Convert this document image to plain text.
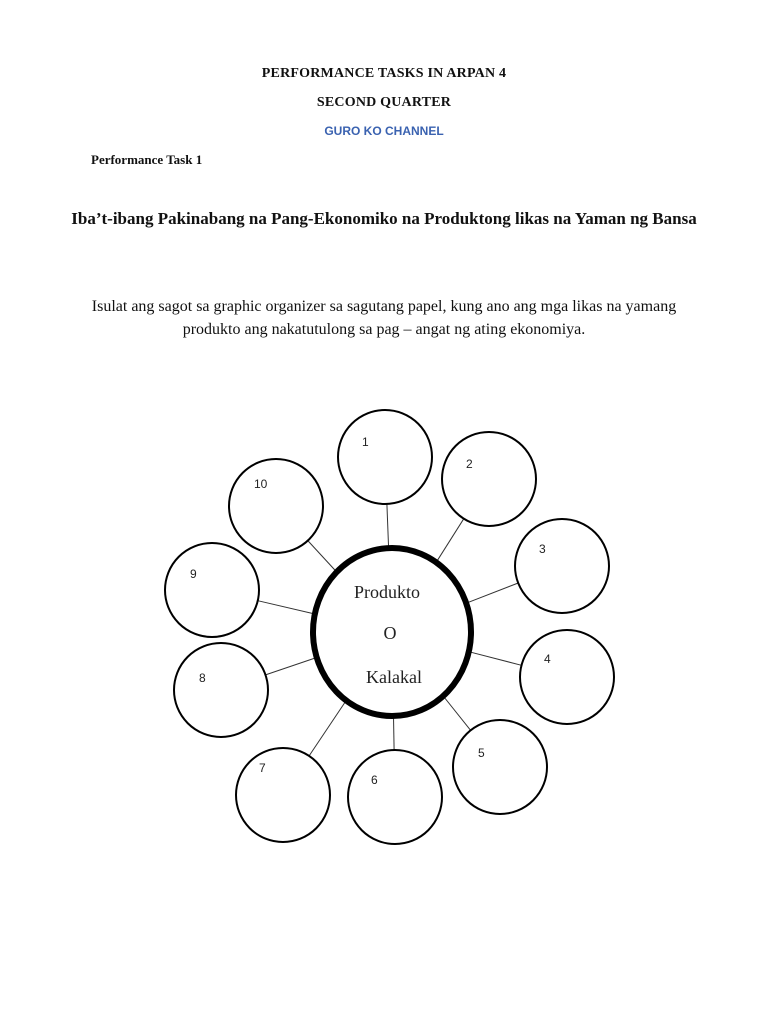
PERFORMANCE TASKS IN ARPAN 4
SECOND QUARTER
GURO KO CHANNEL
Performance Task 1
Iba’t-ibang Pakinabang na Pang-Ekonomiko na Produktong likas na Yaman ng Bansa
Isulat ang sagot sa graphic organizer sa sagutang papel, kung ano ang mga likas na yamang produkto ang nakatutulong sa pag – angat ng ating ekonomiya.
1
2
3
4
5
6
7
8
9
10
Produkto
O
Kalakal
